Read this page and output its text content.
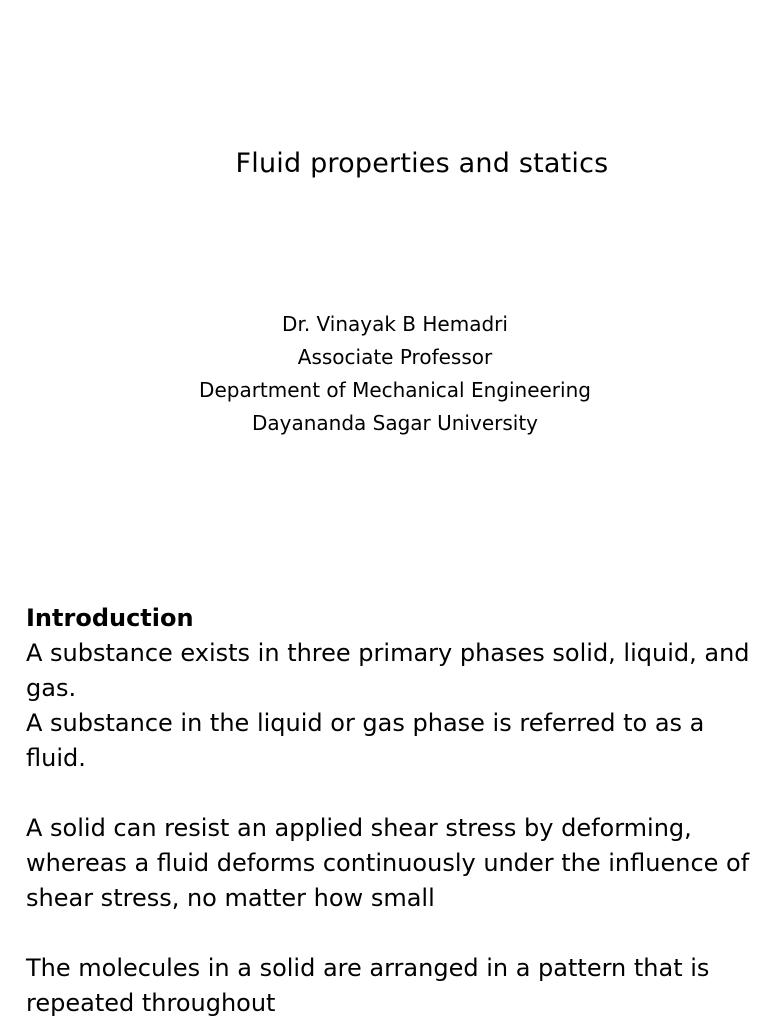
Fluid properties and statics
Dr. Vinayak B Hemadri
Associate Professor
Department of Mechanical Engineering
Dayananda Sagar University

Introduction

A substance exists in three primary phases solid, liquid, and gas.

A substance in the liquid or gas phase is referred to as a fluid.

A solid can resist an applied shear stress by deforming, whereas a fluid deforms continuously under the influence of shear stress, no matter how small

The molecules in a solid are arranged in a pattern that is repeated throughout
